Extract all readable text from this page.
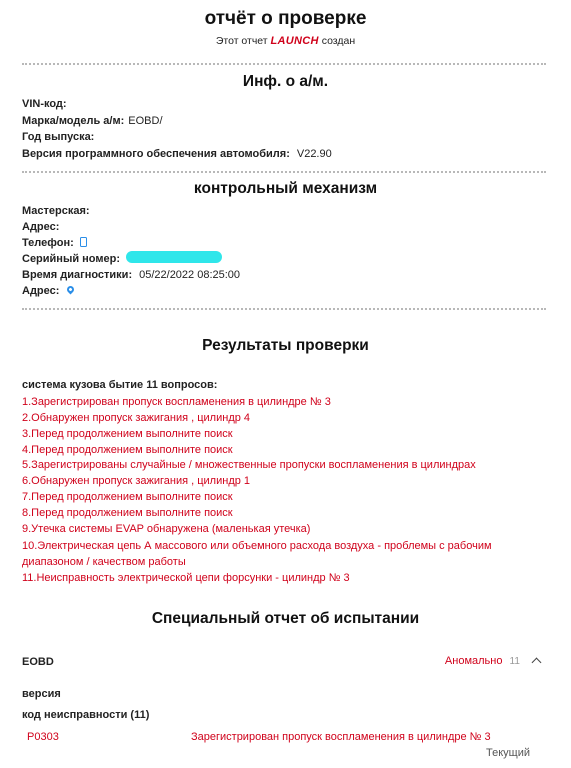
отчёт о проверке
Этот отчет LAUNCH создан
Инф. о а/м.
VIN-код:
Марка/модель а/м: EOBD/
Год выпуска:
Версия программного обеспечения автомобиля: V22.90
контрольный механизм
Мастерская:
Адрес:
Телефон:
Серийный номер:
Время диагностики: 05/22/2022 08:25:00
Адрес:
Результаты проверки
система кузова бытие 11 вопросов:
1.Зарегистрирован пропуск воспламенения в цилиндре № 3
2.Обнаружен пропуск зажигания , цилиндр 4
3.Перед продолжением выполните поиск
4.Перед продолжением выполните поиск
5.Зарегистрированы случайные / множественные пропуски воспламенения в цилиндрах
6.Обнаружен пропуск зажигания , цилиндр 1
7.Перед продолжением выполните поиск
8.Перед продолжением выполните поиск
9.Утечка системы EVAP обнаружена (маленькая утечка)
10.Электрическая цепь А массового или объемного расхода воздуха - проблемы с рабочим
диапазоном / качеством работы
11.Неисправность электрической цепи форсунки - цилиндр № 3
Специальный отчет об испытании
EOBD	Аномально 11
версия
код неисправности (11)
P0303	Зарегистрирован пропуск воспламенения в цилиндре № 3
Текущий
